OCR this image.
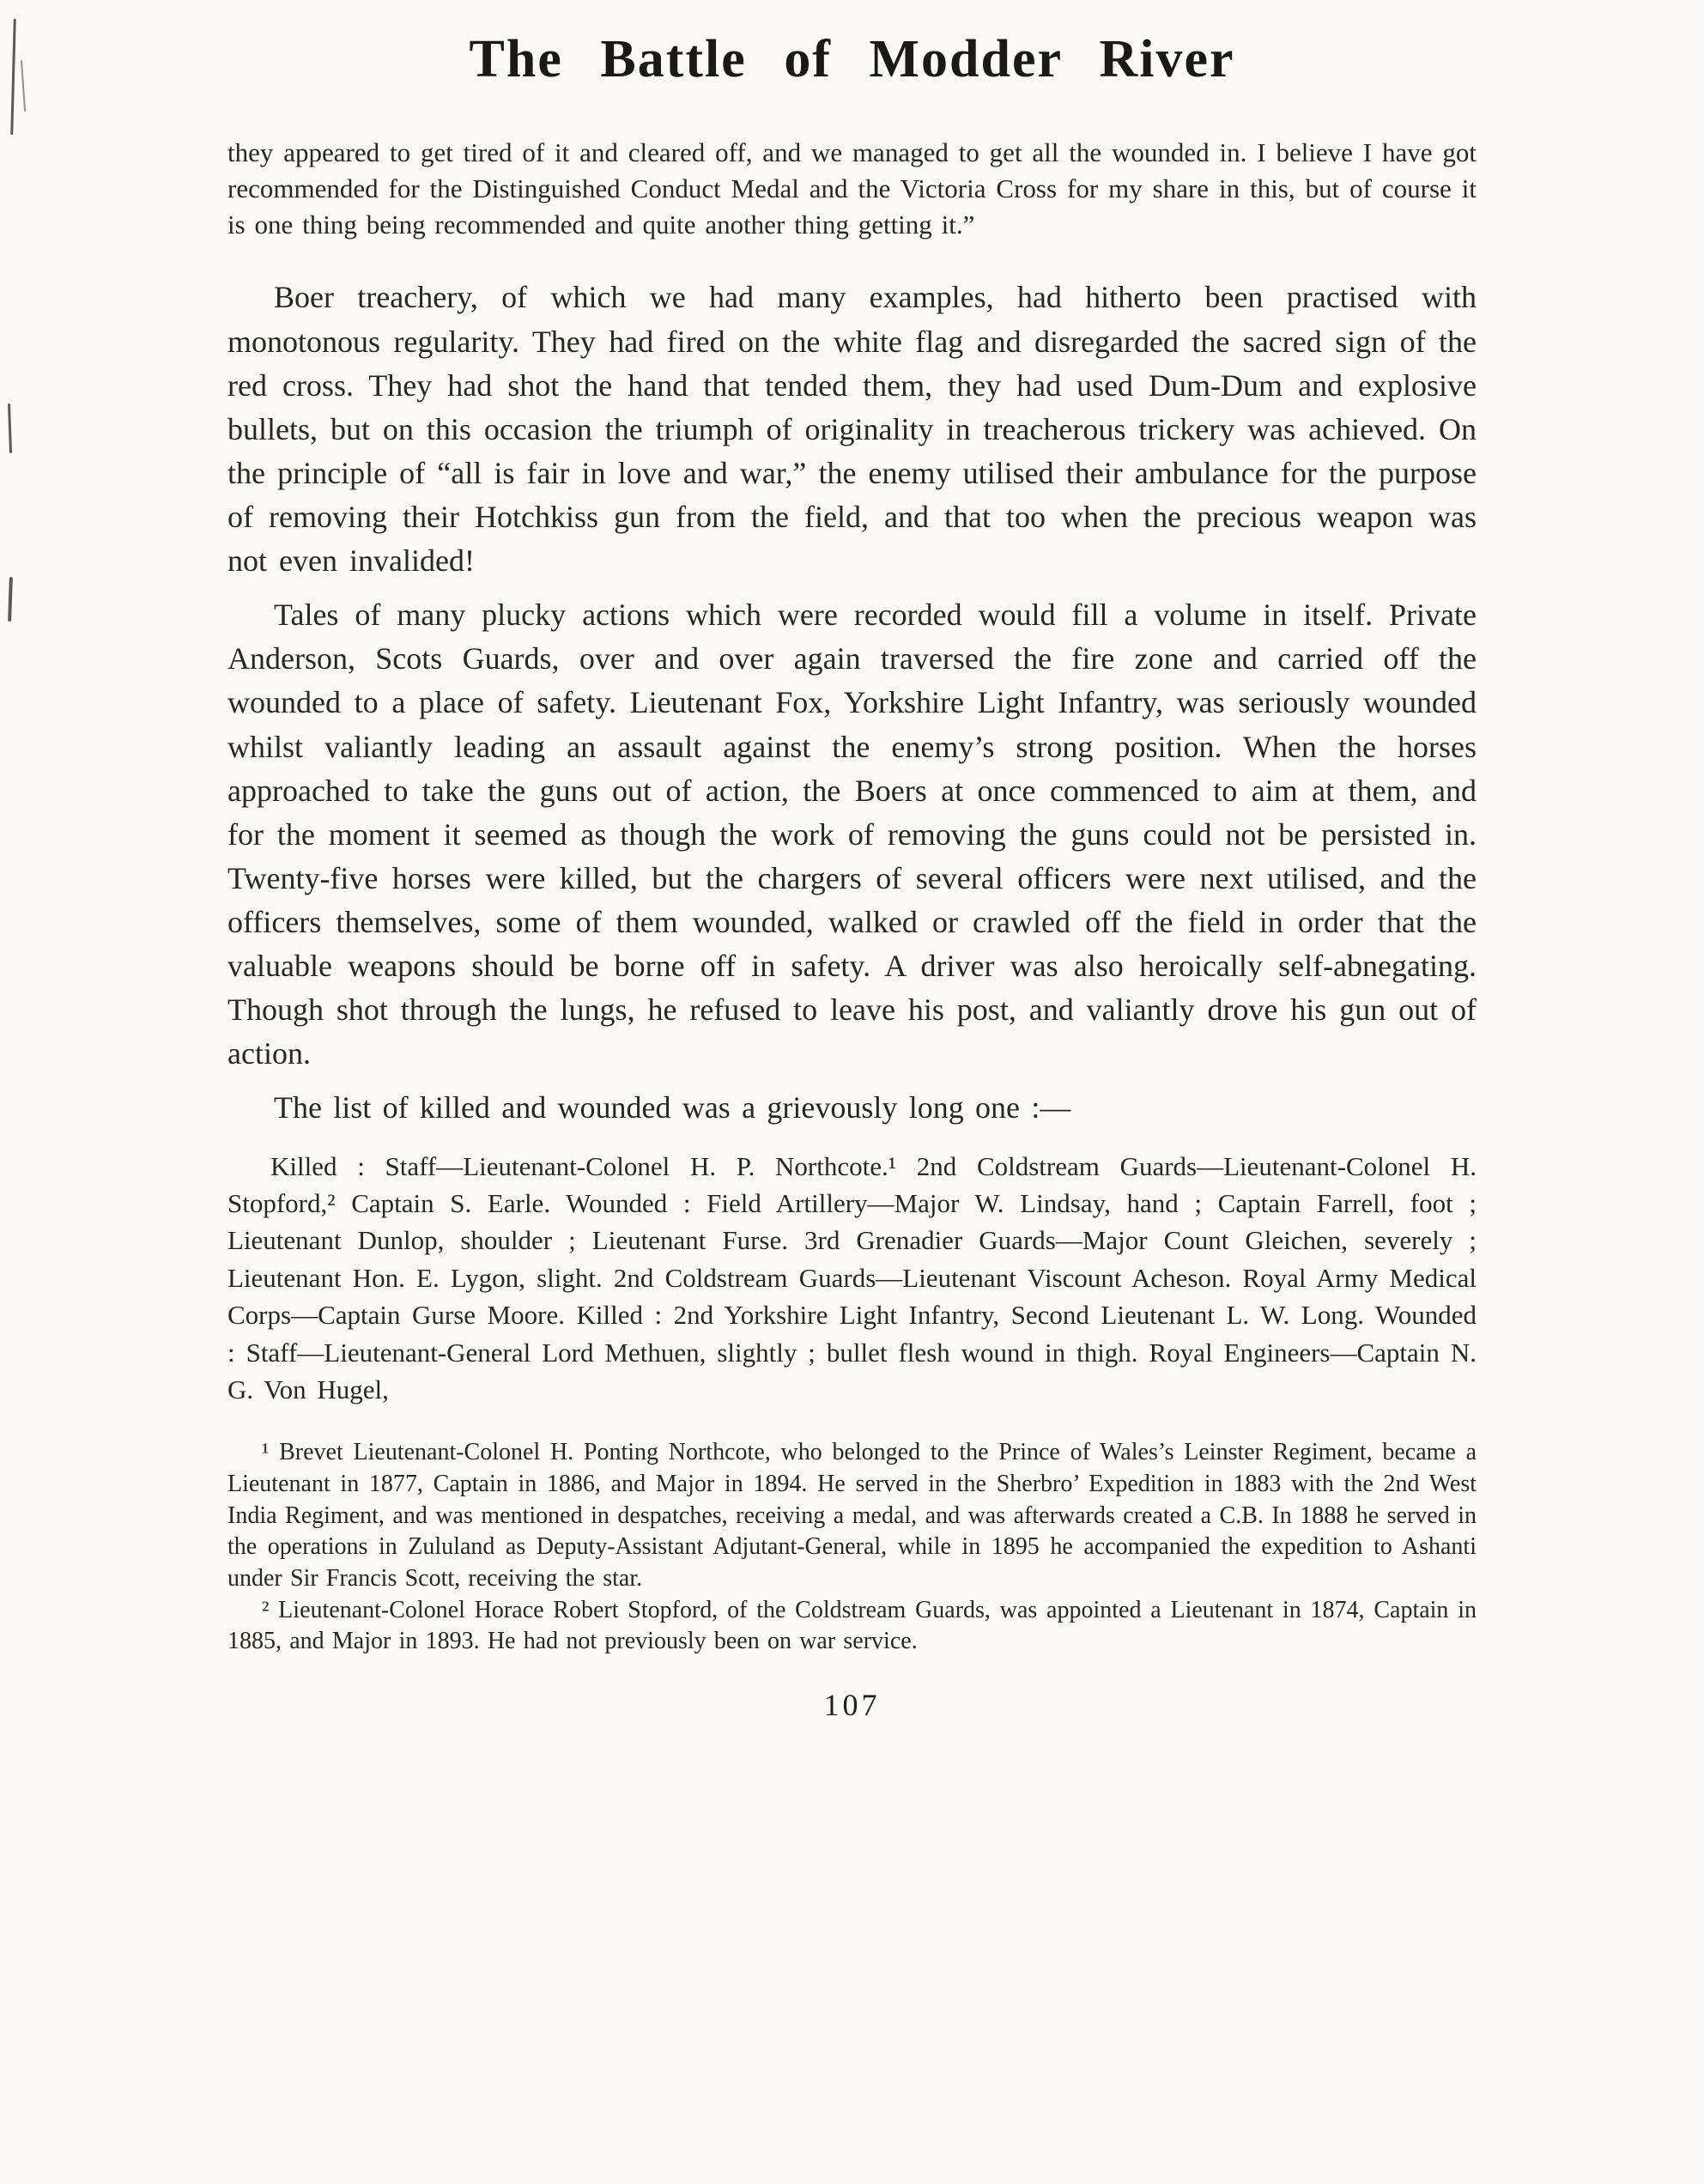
The Battle of Modder River

they appeared to get tired of it and cleared off, and we managed to get all the wounded in. I believe I have got recommended for the Distinguished Conduct Medal and the Victoria Cross for my share in this, but of course it is one thing being recommended and quite another thing getting it.”

Boer treachery, of which we had many examples, had hitherto been practised with monotonous regularity. They had fired on the white flag and disregarded the sacred sign of the red cross. They had shot the hand that tended them, they had used Dum-Dum and explosive bullets, but on this occasion the triumph of originality in treacherous trickery was achieved. On the principle of “all is fair in love and war,” the enemy utilised their ambulance for the purpose of removing their Hotchkiss gun from the field, and that too when the precious weapon was not even invalided!

Tales of many plucky actions which were recorded would fill a volume in itself. Private Anderson, Scots Guards, over and over again traversed the fire zone and carried off the wounded to a place of safety. Lieutenant Fox, Yorkshire Light Infantry, was seriously wounded whilst valiantly leading an assault against the enemy’s strong position. When the horses approached to take the guns out of action, the Boers at once commenced to aim at them, and for the moment it seemed as though the work of removing the guns could not be persisted in. Twenty-five horses were killed, but the chargers of several officers were next utilised, and the officers themselves, some of them wounded, walked or crawled off the field in order that the valuable weapons should be borne off in safety. A driver was also heroically self-abnegating. Though shot through the lungs, he refused to leave his post, and valiantly drove his gun out of action.

The list of killed and wounded was a grievously long one :—

Killed : Staff—Lieutenant-Colonel H. P. Northcote.¹ 2nd Coldstream Guards—Lieutenant-Colonel H. Stopford,² Captain S. Earle. Wounded : Field Artillery—Major W. Lindsay, hand ; Captain Farrell, foot ; Lieutenant Dunlop, shoulder ; Lieutenant Furse. 3rd Grenadier Guards—Major Count Gleichen, severely ; Lieutenant Hon. E. Lygon, slight. 2nd Coldstream Guards—Lieutenant Viscount Acheson. Royal Army Medical Corps—Captain Gurse Moore. Killed : 2nd Yorkshire Light Infantry, Second Lieutenant L. W. Long. Wounded : Staff—Lieutenant-General Lord Methuen, slightly ; bullet flesh wound in thigh. Royal Engineers—Captain N. G. Von Hugel,

¹ Brevet Lieutenant-Colonel H. Ponting Northcote, who belonged to the Prince of Wales’s Leinster Regiment, became a Lieutenant in 1877, Captain in 1886, and Major in 1894. He served in the Sherbro’ Expedition in 1883 with the 2nd West India Regiment, and was mentioned in despatches, receiving a medal, and was afterwards created a C.B. In 1888 he served in the operations in Zululand as Deputy-Assistant Adjutant-General, while in 1895 he accompanied the expedition to Ashanti under Sir Francis Scott, receiving the star.

² Lieutenant-Colonel Horace Robert Stopford, of the Coldstream Guards, was appointed a Lieutenant in 1874, Captain in 1885, and Major in 1893. He had not previously been on war service.

107
